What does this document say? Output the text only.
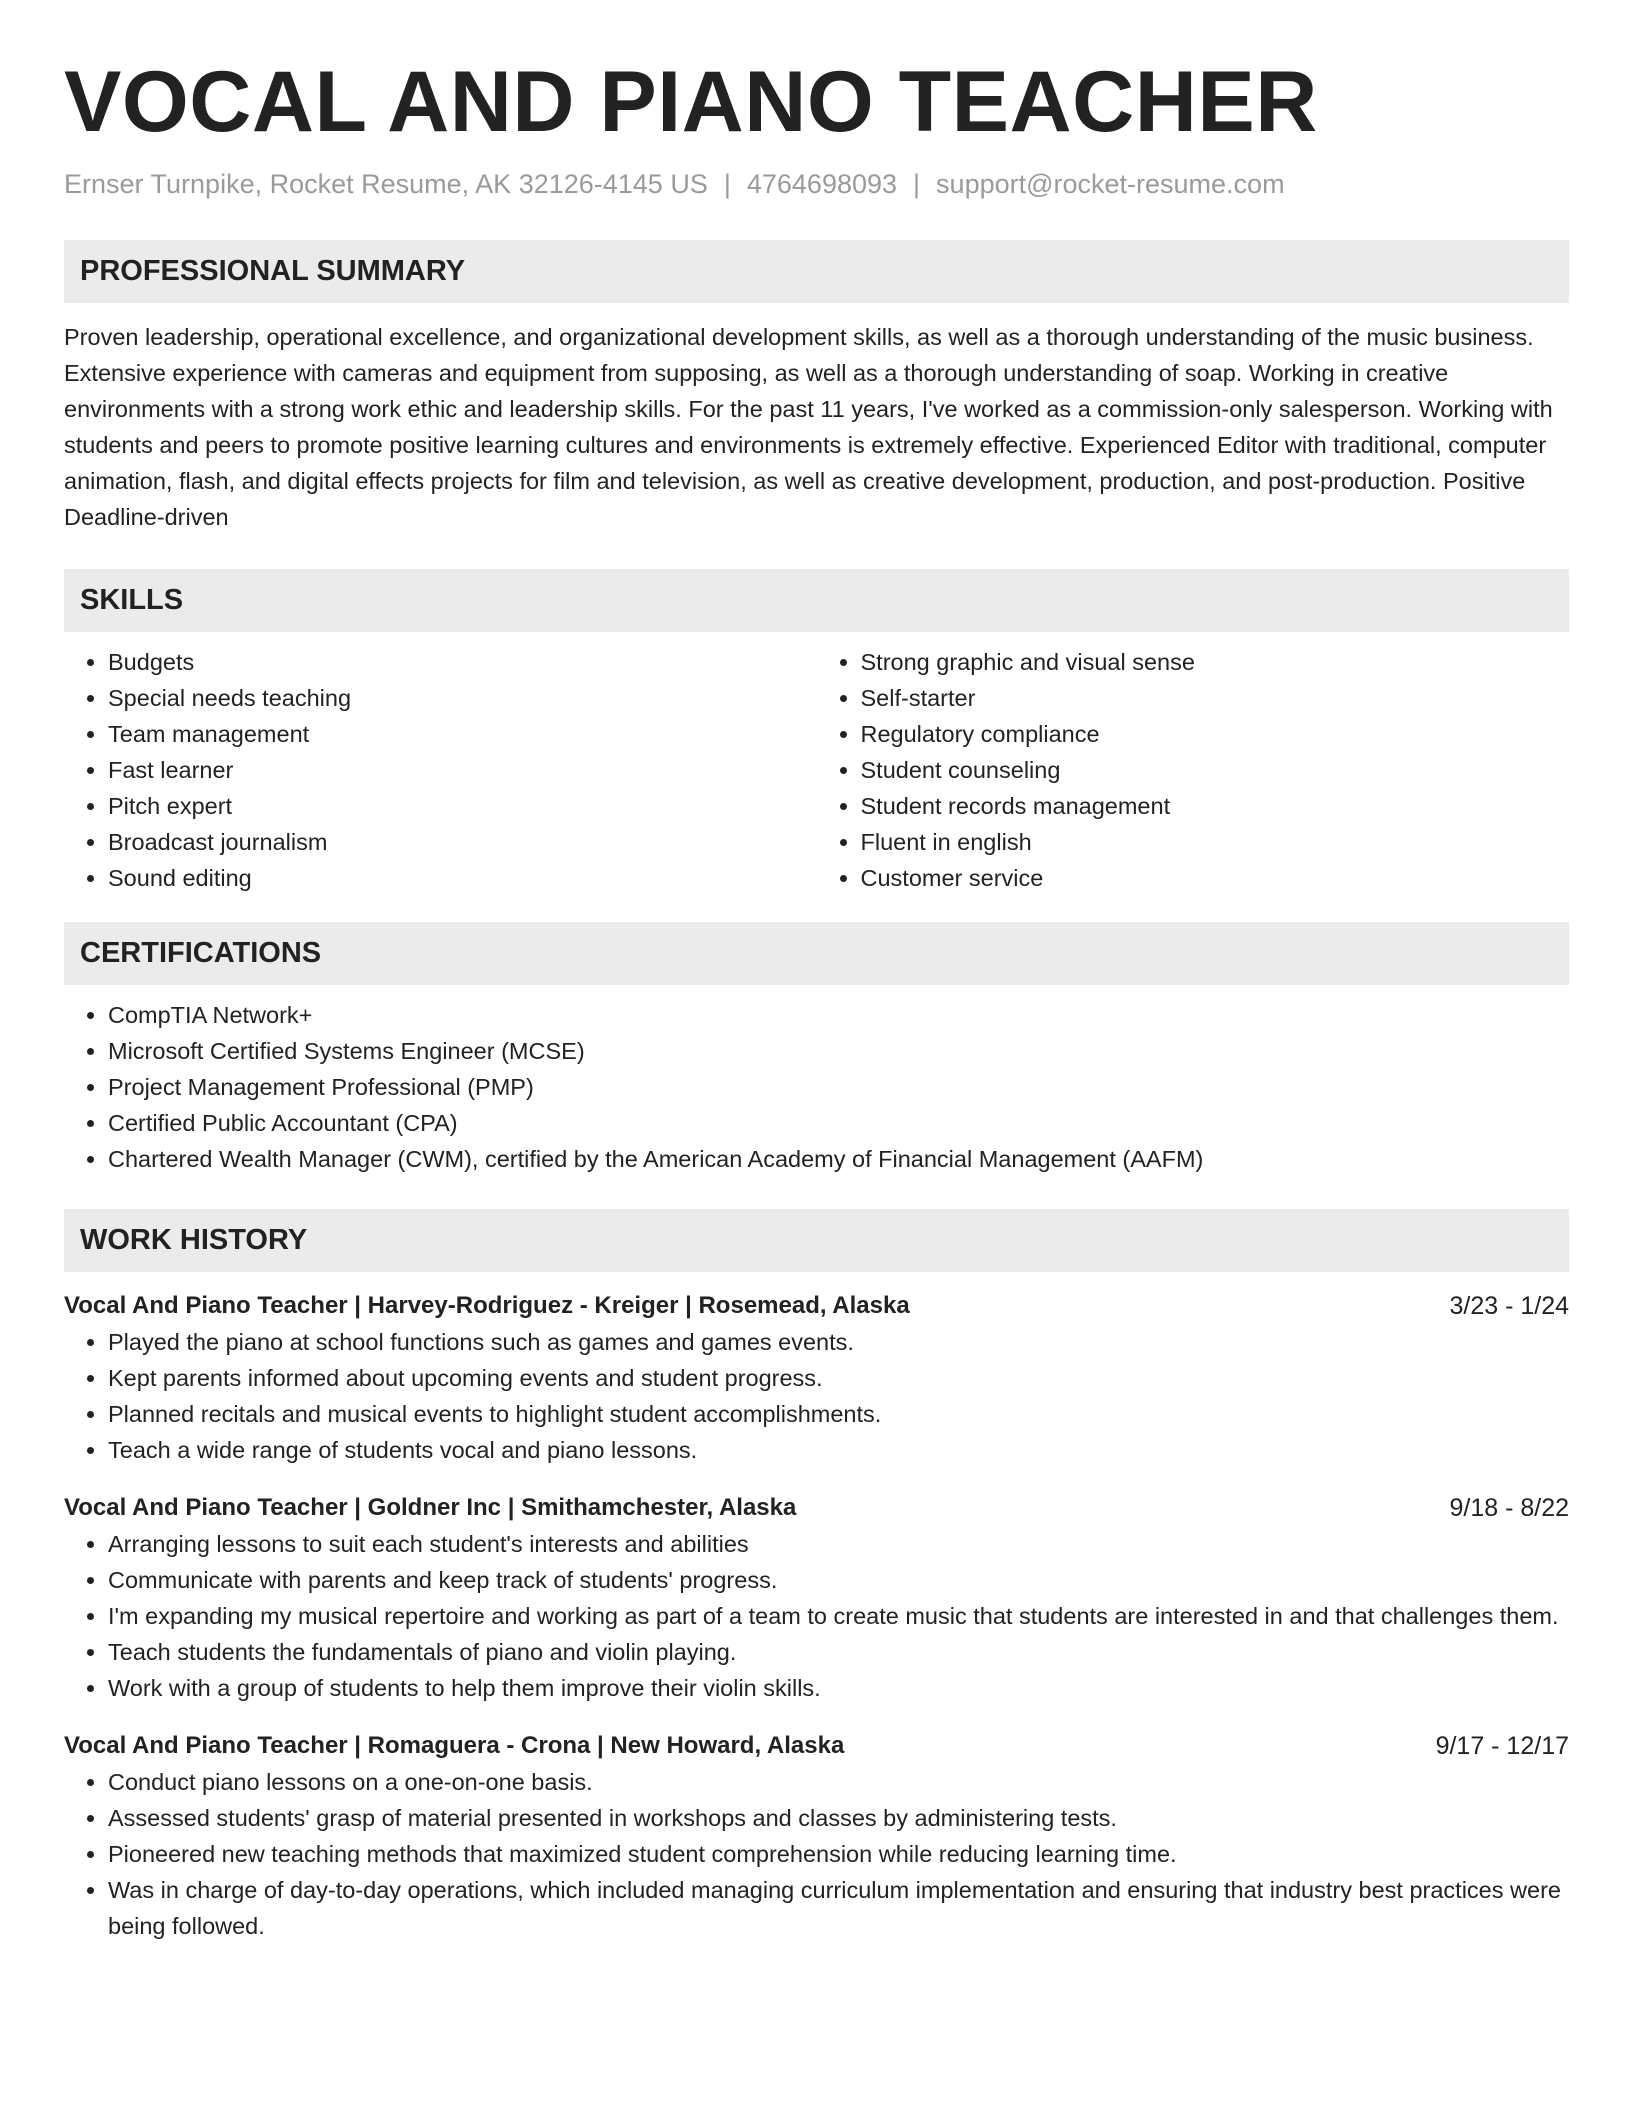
VOCAL AND PIANO TEACHER
Ernser Turnpike, Rocket Resume, AK 32126-4145 US | 4764698093 | support@rocket-resume.com
PROFESSIONAL SUMMARY

Proven leadership, operational excellence, and organizational development skills, as well as a thorough understanding of the music business. Extensive experience with cameras and equipment from supposing, as well as a thorough understanding of soap. Working in creative environments with a strong work ethic and leadership skills. For the past 11 years, I've worked as a commission-only salesperson. Working with students and peers to promote positive learning cultures and environments is extremely effective. Experienced Editor with traditional, computer animation, flash, and digital effects projects for film and television, as well as creative development, production, and post-production. Positive Deadline-driven

SKILLS
• Budgets
• Special needs teaching
• Team management
• Fast learner
• Pitch expert
• Broadcast journalism
• Sound editing
• Strong graphic and visual sense
• Self-starter
• Regulatory compliance
• Student counseling
• Student records management
• Fluent in english
• Customer service
CERTIFICATIONS
• CompTIA Network+
• Microsoft Certified Systems Engineer (MCSE)
• Project Management Professional (PMP)
• Certified Public Accountant (CPA)
• Chartered Wealth Manager (CWM), certified by the American Academy of Financial Management (AAFM)
WORK HISTORY
Vocal And Piano Teacher | Harvey-Rodriguez - Kreiger | Rosemead, Alaska	3/23 - 1/24
• Played the piano at school functions such as games and games events.
• Kept parents informed about upcoming events and student progress.
• Planned recitals and musical events to highlight student accomplishments.
• Teach a wide range of students vocal and piano lessons.
Vocal And Piano Teacher | Goldner Inc | Smithamchester, Alaska	9/18 - 8/22
• Arranging lessons to suit each student's interests and abilities
• Communicate with parents and keep track of students' progress.
• I'm expanding my musical repertoire and working as part of a team to create music that students are interested in and that challenges them.
• Teach students the fundamentals of piano and violin playing.
• Work with a group of students to help them improve their violin skills.
Vocal And Piano Teacher | Romaguera - Crona | New Howard, Alaska	9/17 - 12/17
• Conduct piano lessons on a one-on-one basis.
• Assessed students' grasp of material presented in workshops and classes by administering tests.
• Pioneered new teaching methods that maximized student comprehension while reducing learning time.
• Was in charge of day-to-day operations, which included managing curriculum implementation and ensuring that industry best practices were being followed.
